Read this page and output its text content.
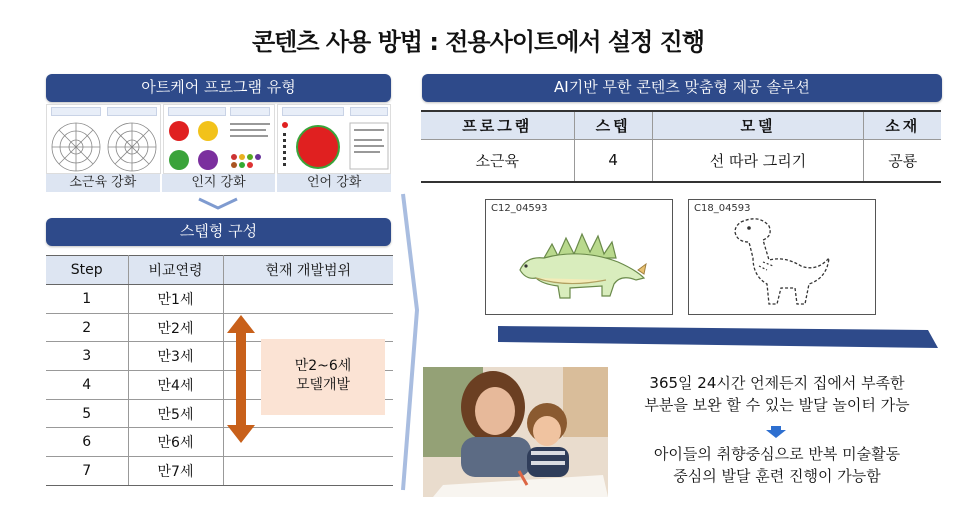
콘텐츠 사용 방법 : 전용사이트에서 설정 진행
아트케어 프로그램 유형
소근육 강화	인지 강화	언어 강화
스텝형 구성
Step	비교연령	현재 개발범위
1	만1세	
2	만2세	
3	만3세	
4	만4세	
5	만5세	
6	만6세	
7	만7세	
만2~6세
모델개발
AI기반 무한 콘텐츠 맞춤형 제공 솔루션
프로그램	스텝	모델	소재
소근육	4	선 따라 그리기	공룡
C12_04593	C18_04593
365일 24시간 언제든지 집에서 부족한
부분을 보완 할 수 있는 발달 놀이터 가능
아이들의 취향중심으로 반복 미술활동
중심의 발달 훈련 진행이 가능함
